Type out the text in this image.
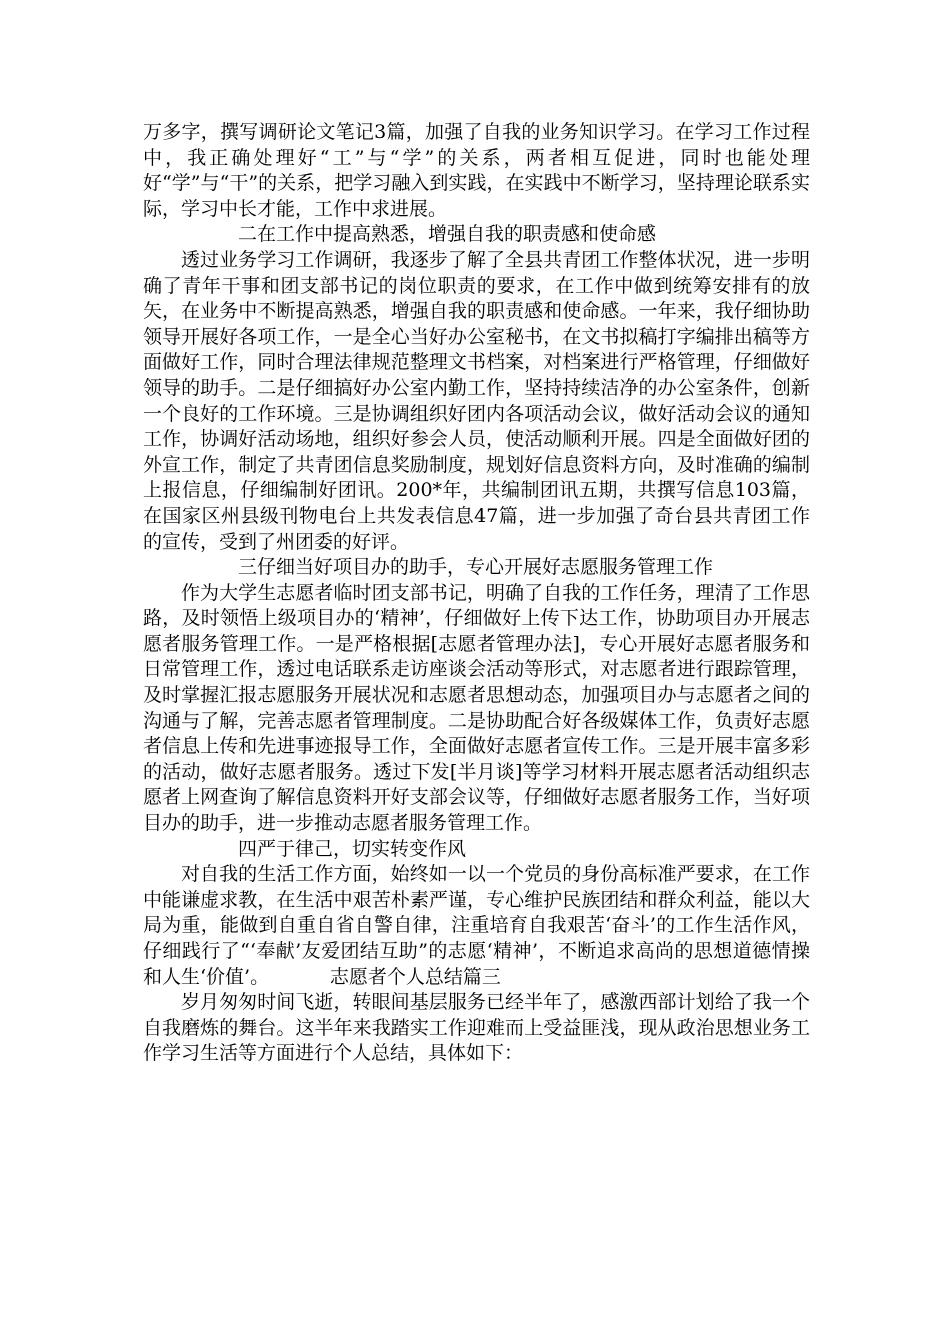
万多字，撰写调研论文笔记3篇，加强了自我的业务知识学习。在学习工作过程中，我正确处理好“工”与“学”的关系，两者相互促进，同时也能处理好“学”与“干”的关系，把学习融入到实践，在实践中不断学习，坚持理论联系实际，学习中长才能，工作中求进展。

二在工作中提高熟悉，增强自我的职责感和使命感

透过业务学习工作调研，我逐步了解了全县共青团工作整体状况，进一步明确了青年干事和团支部书记的岗位职责的要求，在工作中做到统筹安排有的放矢，在业务中不断提高熟悉，增强自我的职责感和使命感。一年来，我仔细协助领导开展好各项工作，一是全心当好办公室秘书，在文书拟稿打字编排出稿等方面做好工作，同时合理法律规范整理文书档案，对档案进行严格管理，仔细做好领导的助手。二是仔细搞好办公室内勤工作，坚持持续洁净的办公室条件，创新一个良好的工作环境。三是协调组织好团内各项活动会议，做好活动会议的通知工作，协调好活动场地，组织好参会人员，使活动顺利开展。四是全面做好团的外宣工作，制定了共青团信息奖励制度，规划好信息资料方向，及时准确的编制上报信息，仔细编制好团讯。200*年，共编制团讯五期，共撰写信息103篇，在国家区州县级刊物电台上共发表信息47篇，进一步加强了奇台县共青团工作的宣传，受到了州团委的好评。

三仔细当好项目办的助手，专心开展好志愿服务管理工作

作为大学生志愿者临时团支部书记，明确了自我的工作任务，理清了工作思路，及时领悟上级项目办的‘精神’，仔细做好上传下达工作，协助项目办开展志愿者服务管理工作。一是严格根据[志愿者管理办法]，专心开展好志愿者服务和日常管理工作，透过电话联系走访座谈会活动等形式，对志愿者进行跟踪管理，及时掌握汇报志愿服务开展状况和志愿者思想动态，加强项目办与志愿者之间的沟通与了解，完善志愿者管理制度。二是协助配合好各级媒体工作，负责好志愿者信息上传和先进事迹报导工作，全面做好志愿者宣传工作。三是开展丰富多彩的活动，做好志愿者服务。透过下发[半月谈]等学习材料开展志愿者活动组织志愿者上网查询了解信息资料开好支部会议等，仔细做好志愿者服务工作，当好项目办的助手，进一步推动志愿者服务管理工作。

四严于律己，切实转变作风

对自我的生活工作方面，始终如一以一个党员的身份高标准严要求，在工作中能谦虚求教，在生活中艰苦朴素严谨，专心维护民族团结和群众利益，能以大局为重，能做到自重自省自警自律，注重培育自我艰苦‘奋斗’的工作生活作风，仔细践行了“‘奉献’友爱团结互助”的志愿‘精神’，不断追求高尚的思想道德情操和人生‘价值’。	志愿者个人总结篇三

岁月匆匆时间飞逝，转眼间基层服务已经半年了，感激西部计划给了我一个自我磨炼的舞台。这半年来我踏实工作迎难而上受益匪浅，现从政治思想业务工作学习生活等方面进行个人总结，具体如下：
